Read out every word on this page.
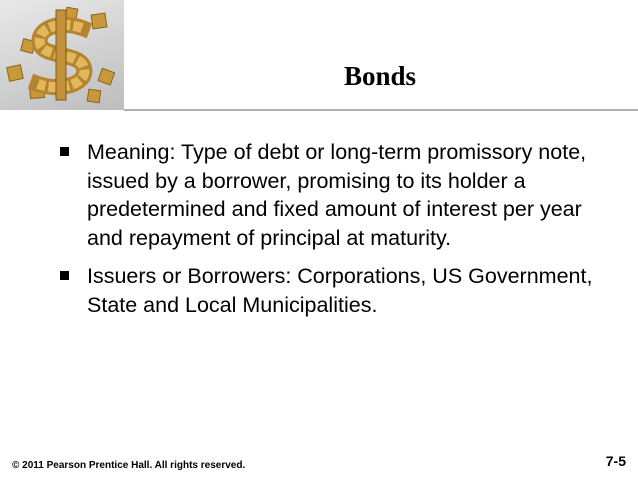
Bonds
Meaning: Type of debt or long-term promissory note, issued by a borrower, promising to its holder a predetermined and fixed amount of interest per year and repayment of principal at maturity.
Issuers or Borrowers: Corporations, US Government, State and Local Municipalities.
© 2011 Pearson Prentice Hall. All rights reserved.	7-5
